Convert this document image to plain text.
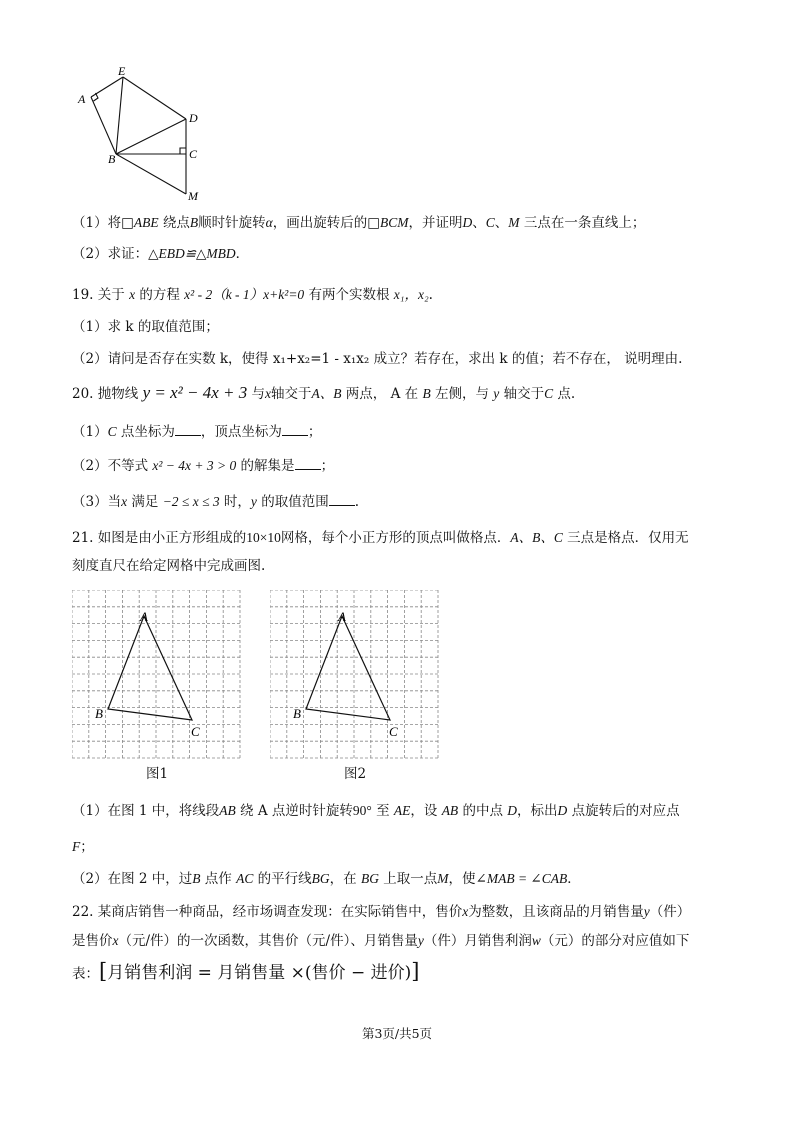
E
A
D
C
B
M
（1）将□ABE 绕点B顺时针旋转α，画出旋转后的□BCM，并证明D、C、M 三点在一条直线上；
（2）求证：△EBD≌△MBD．
19. 关于 x 的方程 x² - 2（k - 1）x+k²=0 有两个实数根 x₁，x₂.
（1）求 k 的取值范围；
（2）请问是否存在实数 k，使得 x₁+x₂=1 - x₁x₂ 成立？若存在，求出 k 的值；若不存在， 说明理由.
20. 抛物线 y = x² − 4x + 3 与x轴交于A、B 两点， A 在 B 左侧，与 y 轴交于C 点.
（1）C 点坐标为 ，顶点坐标为 ；
（2）不等式 x² − 4x + 3 > 0 的解集是 ；
（3）当x 满足 −2 ≤ x ≤ 3 时，y 的取值范围 .
21. 如图是由小正方形组成的10×10网格，每个小正方形的顶点叫做格点．A、B、C 三点是格点．仅用无
刻度直尺在给定网格中完成画图.
A
B
C
图1
A
B
C
图2
（1）在图 1 中，将线段AB 绕 A 点逆时针旋转90° 至 AE，设 AB 的中点 D，标出D 点旋转后的对应点
F；
（2）在图 2 中，过B 点作 AC 的平行线BG，在 BG 上取一点M，使∠MAB = ∠CAB．
22. 某商店销售一种商品，经市场调查发现：在实际销售中，售价x为整数，且该商品的月销售量y（件）
是售价x（元/件）的一次函数，其售价（元/件）、月销售量y（件）月销售利润w（元）的部分对应值如下
表：[月销售利润 = 月销售量 ×(售价 − 进价)]
第3页/共5页
